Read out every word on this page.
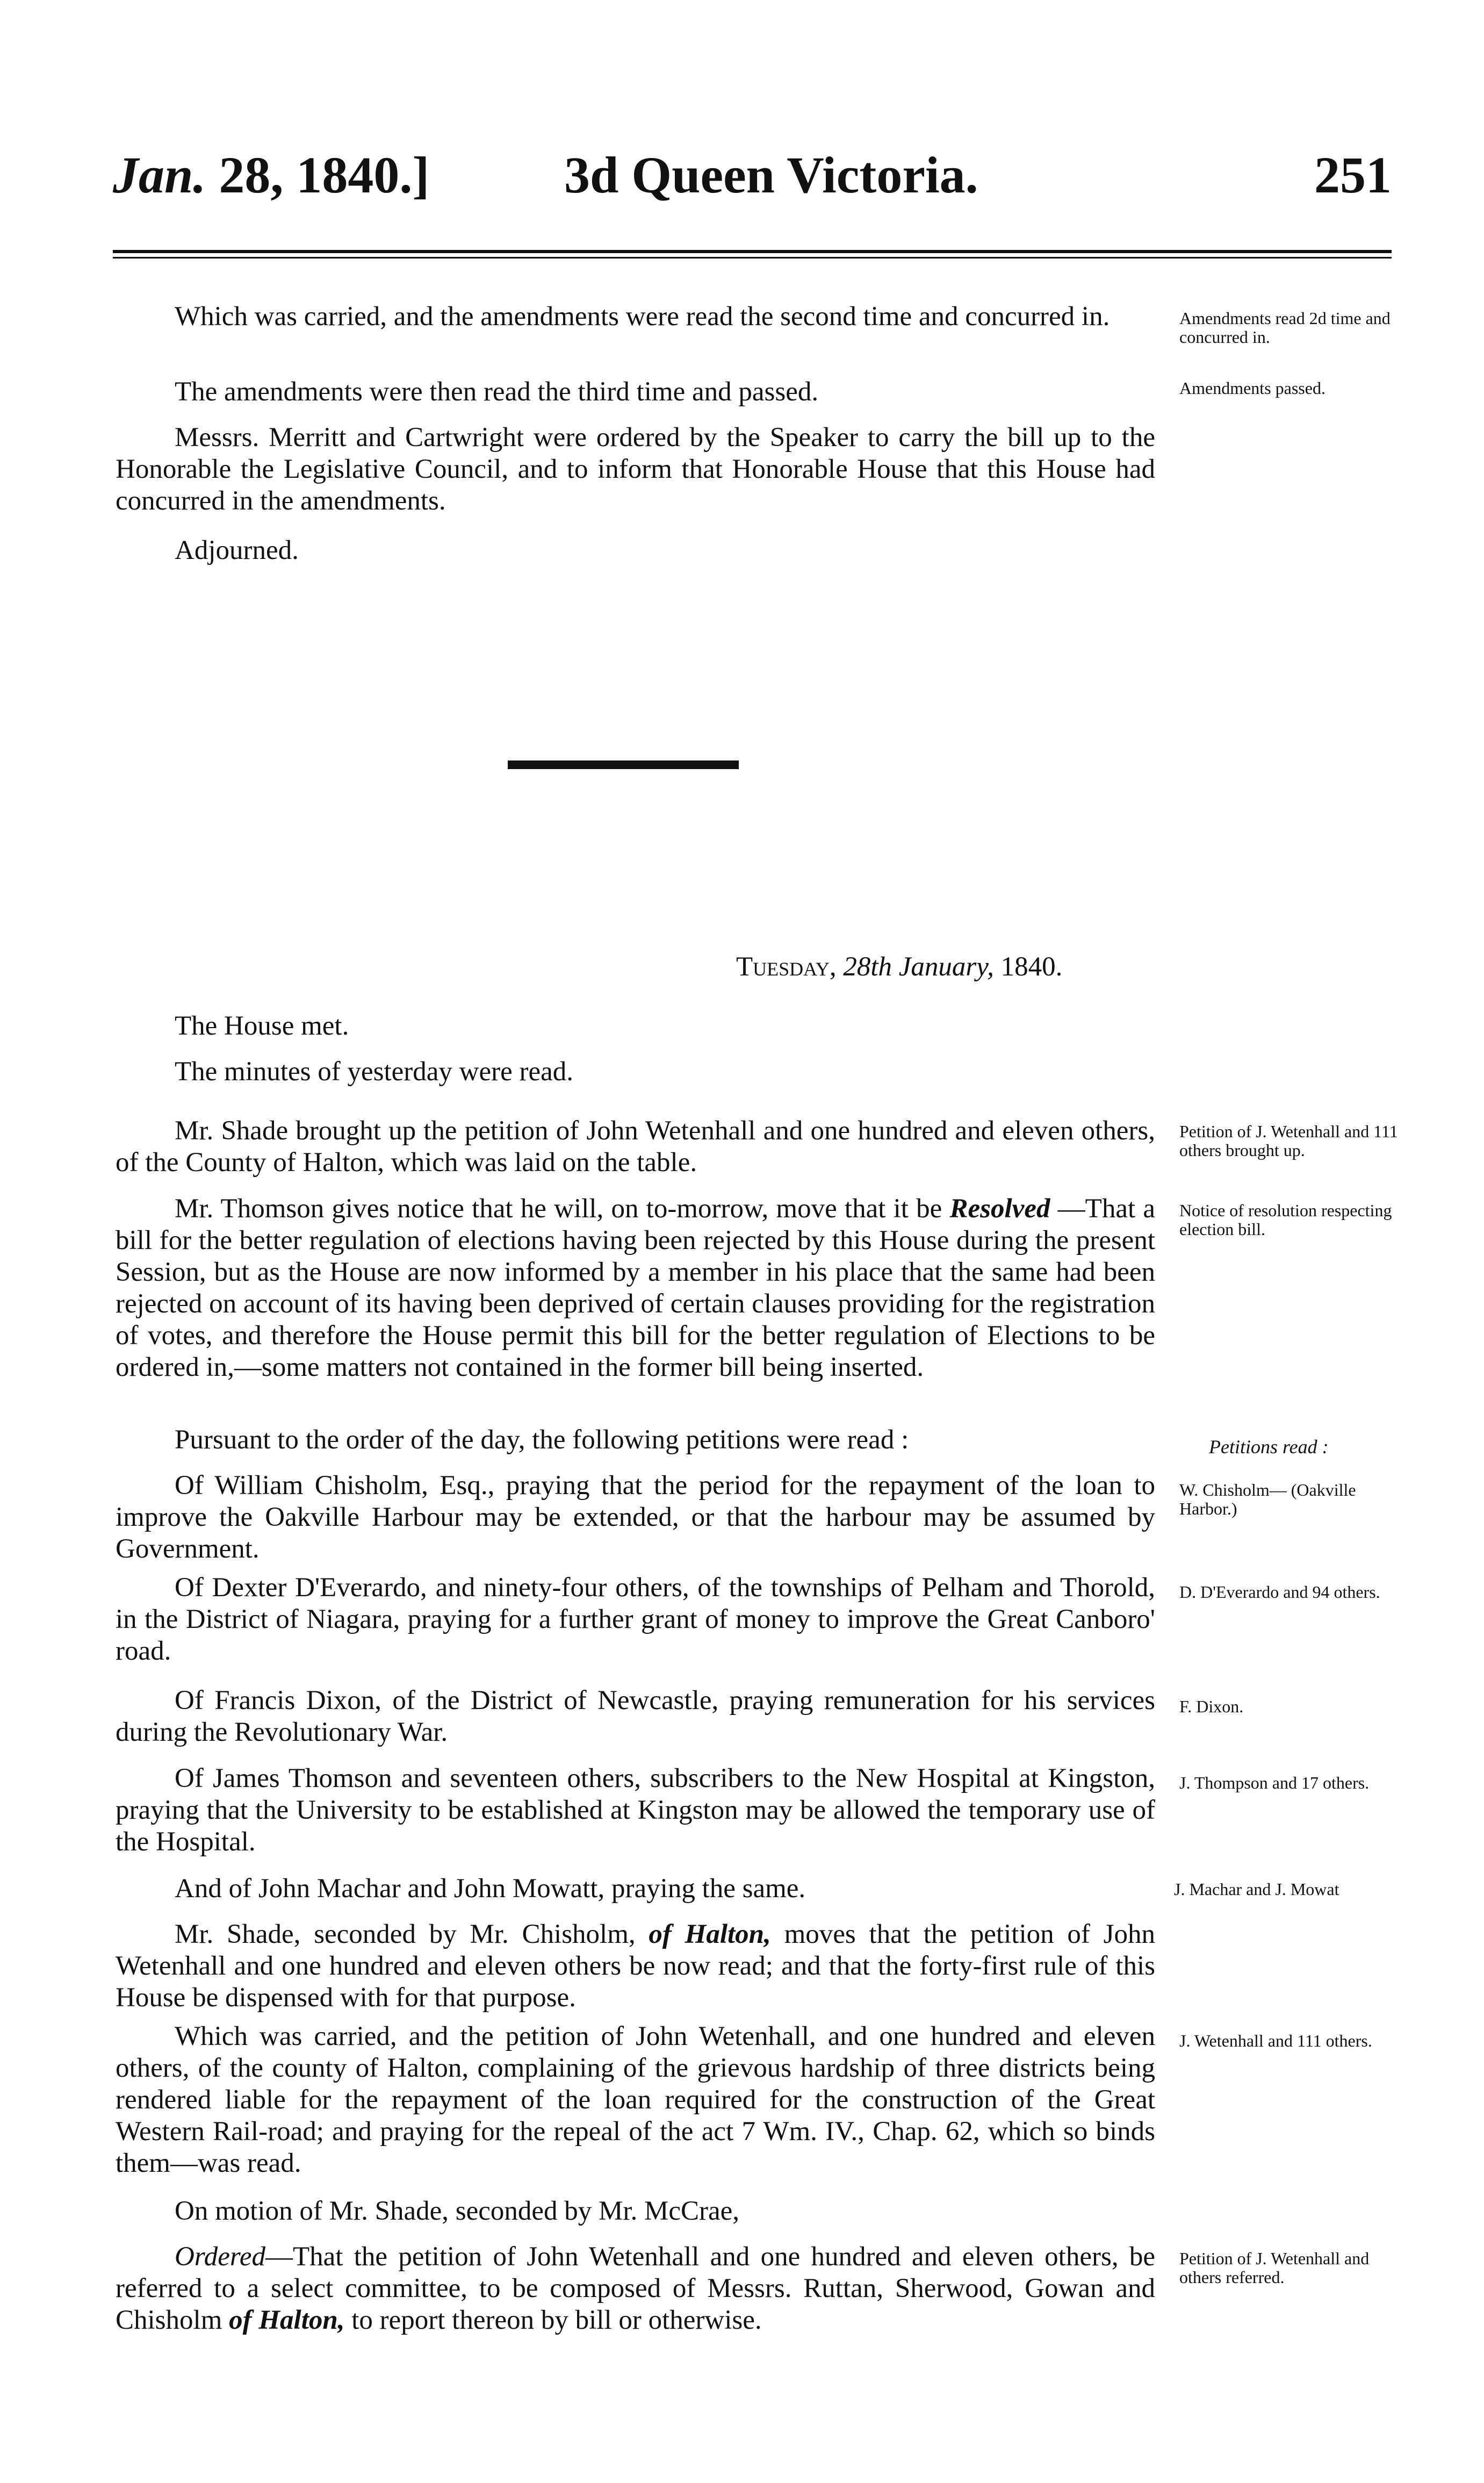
Jan. 28, 1840.]	3d Queen Victoria.	251

Which was carried, and the amendments were read the second time and concurred in.	Amendments read 2d time and concurred in.

The amendments were then read the third time and passed.	Amendments passed.

Messrs. Merritt and Cartwright were ordered by the Speaker to carry the bill up to the Honorable the Legislative Council, and to inform that Honorable House that this House had concurred in the amendments.

Adjourned.

Tuesday, 28th January, 1840.

The House met.

The minutes of yesterday were read.

Mr. Shade brought up the petition of John Wetenhall and one hundred and eleven others, of the County of Halton, which was laid on the table.

Petition of J. Wetenhall and 111 others brought up.

Mr. Thomson gives notice that he will, on to-morrow, move that it be Resolved —That a bill for the better regulation of elections having been rejected by this House during the present Session, but as the House are now informed by a member in his place that the same had been rejected on account of its having been deprived of certain clauses providing for the registration of votes, and therefore the House permit this bill for the better regulation of Elections to be ordered in,—some matters not contained in the former bill being inserted.

Notice of resolution respecting election bill.

Pursuant to the order of the day, the following petitions were read :	Petitions read :

Of William Chisholm, Esq., praying that the period for the repayment of the loan to improve the Oakville Harbour may be extended, or that the harbour may be assumed by Government.

W. Chisholm— (Oakville Harbor.)

Of Dexter D'Everardo, and ninety-four others, of the townships of Pelham and Thorold, in the District of Niagara, praying for a further grant of money to improve the Great Canboro' road.

D. D'Everardo and 94 others.

Of Francis Dixon, of the District of Newcastle, praying remuneration for his services during the Revolutionary War.

F. Dixon.

Of James Thomson and seventeen others, subscribers to the New Hospital at Kingston, praying that the University to be established at Kingston may be allowed the temporary use of the Hospital.

J. Thompson and 17 others.

And of John Machar and John Mowatt, praying the same.	J. Machar and J. Mowat

Mr. Shade, seconded by Mr. Chisholm, of Halton, moves that the petition of John Wetenhall and one hundred and eleven others be now read; and that the forty-first rule of this House be dispensed with for that purpose.

Which was carried, and the petition of John Wetenhall, and one hundred and eleven others, of the county of Halton, complaining of the grievous hardship of three districts being rendered liable for the repayment of the loan required for the construction of the Great Western Rail-road; and praying for the repeal of the act 7 Wm. IV., Chap. 62, which so binds them—was read.

J. Wetenhall and 111 others.

On motion of Mr. Shade, seconded by Mr. McCrae,

Ordered—That the petition of John Wetenhall and one hundred and eleven others, be referred to a select committee, to be composed of Messrs. Ruttan, Sherwood, Gowan and Chisholm of Halton, to report thereon by bill or otherwise.

Petition of J. Wetenhall and others referred.
